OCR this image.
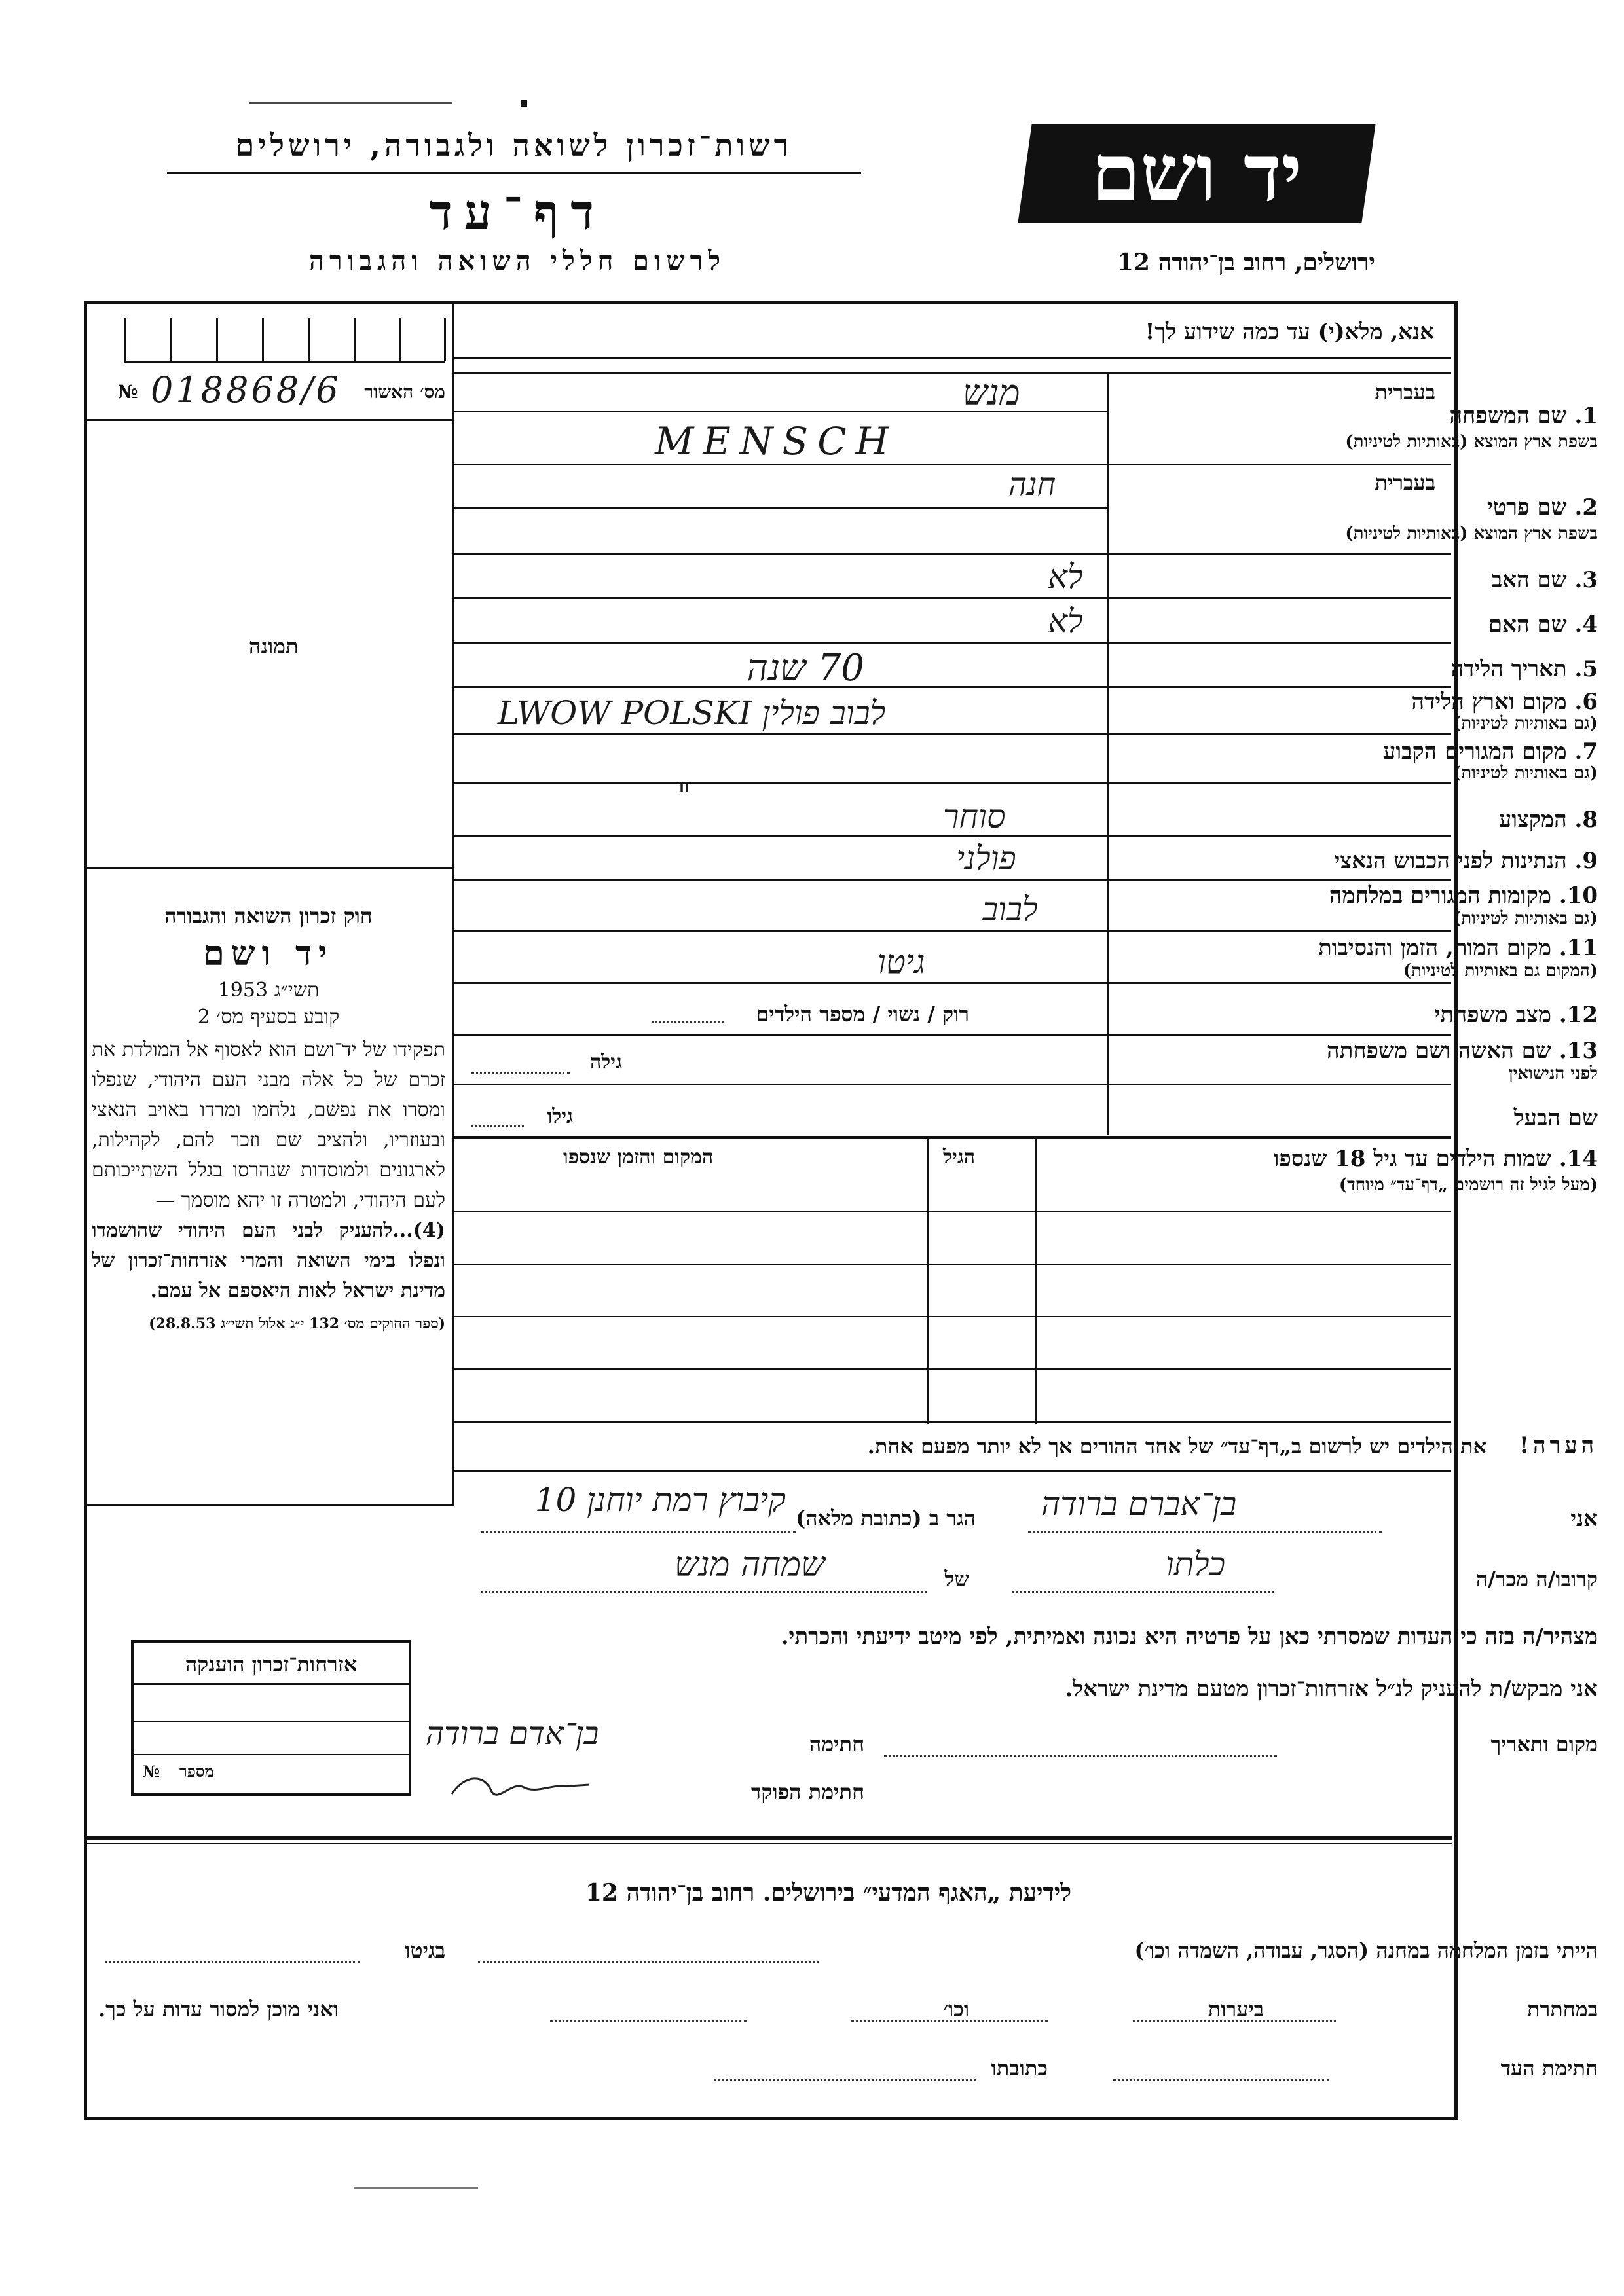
יד ושם
רשות־זכרון לשואה ולגבורה, ירושלים
דף־עד
לרשום חללי השואה והגבורה	ירושלים, רחוב בן־יהודה 12
№ 018868/6 מס׳ האשור
תמונה
אנא, מלא(י) עד כמה שידוע לך!
בעברית
1. שם המשפחה
בשפת ארץ המוצא (באותיות לטיניות)
מנש
MENSCH
בעברית
2. שם פרטי
בשפת ארץ המוצא (באותיות לטיניות)
חנה
3. שם האב
לא
4. שם האם
לא
5. תאריך הלידה
70 שנה
6. מקום וארץ הלידה
(גם באותיות לטיניות)
LWOW POLSKI לבוב פולין
7. מקום המגורים הקבוע
(גם באותיות לטיניות)
"
8. המקצוע
סוחר
9. הנתינות לפני הכבוש הנאצי
פולני
10. מקומות המגורים במלחמה
(גם באותיות לטיניות)
לבוב
11. מקום המות, הזמן והנסיבות
(המקום גם באותיות לטיניות)
גיטו
12. מצב משפחתי
רוק / נשוי / מספר הילדים
13. שם האשה ושם משפחתה
לפני הנישואין
גילה
שם הבעל
גילו
14. שמות הילדים עד גיל 18 שנספו
(מעל לגיל זה רושמים „דף־עד״ מיוחד)
הגיל
המקום והזמן שנספו
הערה!
את הילדים יש לרשום ב„דף־עד״ של אחד ההורים אך לא יותר מפעם אחת.

חוק זכרון השואה והגבורה

יד ושם

תשי״ג 1953

קובע בסעיף מס׳ 2

תפקידו של יד־ושם הוא לאסוף אל המולדת את זכרם של כל אלה מבני העם היהודי, שנפלו ומסרו את נפשם, נלחמו ומרדו באויב הנאצי ובעוזריו, ולהציב שם וזכר להם, לקהילות, לארגונים ולמוסדות שנהרסו בגלל השתייכותם לעם היהודי, ולמטרה זו יהא מוסמך —

(4)...להעניק לבני העם היהודי שהושמדו ונפלו בימי השואה והמרי אזרחות־זכרון של מדינת ישראל לאות היאספם אל עמם.

(ספר החוקים מס׳ 132 י״ג אלול תשי״ג 28.8.53)

אני
בן־אברם ברודה
הגר ב (כתובת מלאה)
קיבוץ רמת יוחנן 10
קרובו/ה מכר/ה
כלתו
של
שמחה מנש
מצהיר/ה בזה כי העדות שמסרתי כאן על פרטיה היא נכונה ואמיתית, לפי מיטב ידיעתי והכרתי.
אני מבקש/ת להעניק לנ״ל אזרחות־זכרון מטעם מדינת ישראל.
מקום ותאריך
חתימה
בן־אדם ברודה
חתימת הפוקד
אזרחות־זכרון הוענקה
№ מספר
לידיעת „האגף המדעי״ בירושלים. רחוב בן־יהודה 12
הייתי בזמן המלחמה במחנה (הסגר, עבודה, השמדה וכו׳)
בגיטו
במחתרת
ביערות
וכו׳
ואני מוכן למסור עדות על כך.
חתימת העד
כתובתו
